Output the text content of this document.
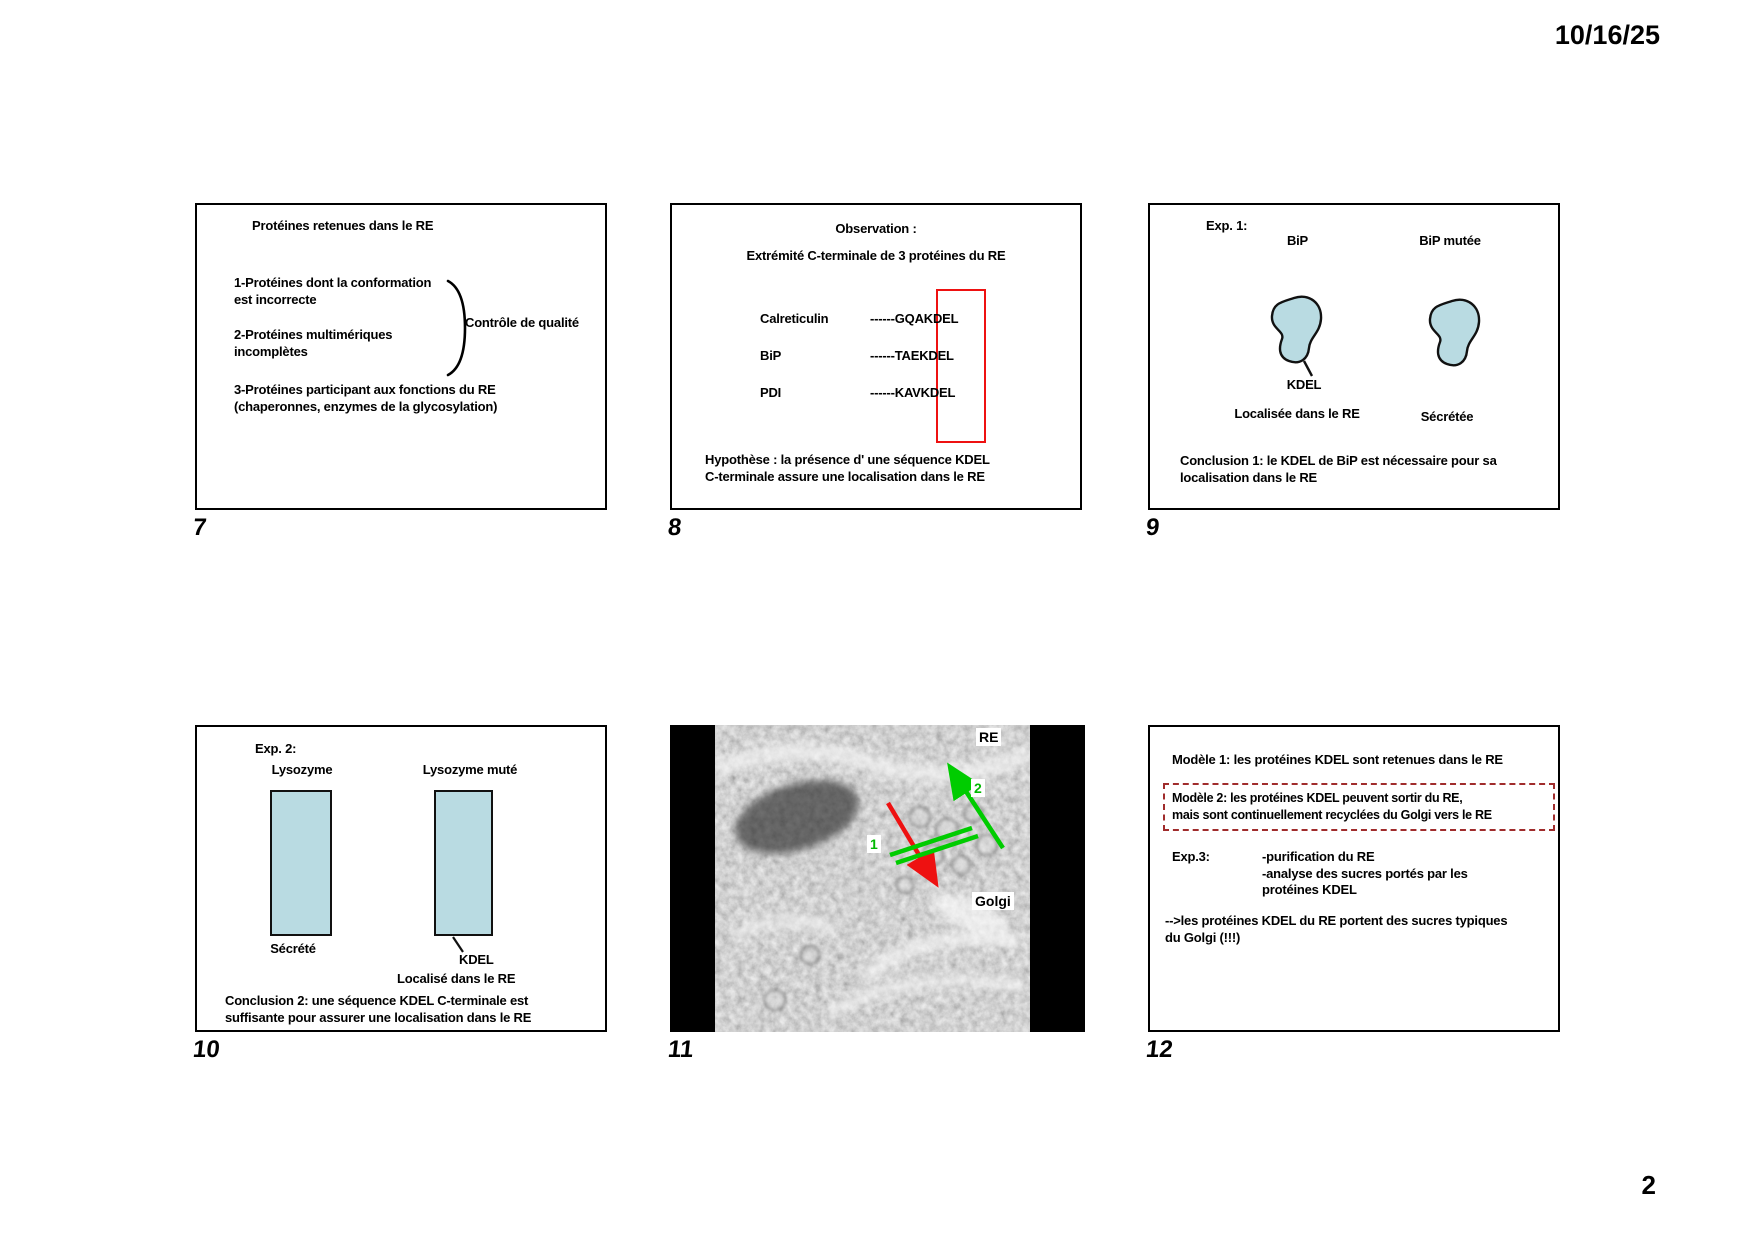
10/16/25
Protéines retenues dans le RE
1-Protéines dont la conformation
est incorrecte
2-Protéines multimériques
incomplètes
Contrôle de qualité
3-Protéines participant aux fonctions du RE
(chaperonnes, enzymes de la glycosylation)
7
Observation :
Extrémité C-terminale de 3 protéines du RE
Calreticulin	------GQAKDEL
BiP	------TAEKDEL
PDI	------KAVKDEL
Hypothèse : la présence d' une séquence KDEL
C-terminale assure une localisation dans le RE
8
Exp. 1:
BiP	BiP mutée
KDEL
Localisée dans le RE	Sécrétée
Conclusion 1: le KDEL de BiP est nécessaire pour sa
localisation dans le RE
9
Exp. 2:
Lysozyme	Lysozyme muté
Sécrété
KDEL
Localisé dans le RE
Conclusion 2: une séquence KDEL C-terminale est
suffisante pour assurer une localisation dans le RE
10
RE
2
1
Golgi
11
Modèle 1: les protéines KDEL sont retenues dans le RE
Modèle 2: les protéines KDEL peuvent sortir du RE,
mais sont continuellement recyclées du Golgi vers le RE
Exp.3:	-purification du RE
-analyse des sucres portés par les
protéines KDEL
-->les protéines KDEL du RE portent des sucres typiques
du Golgi (!!!)
12
2
